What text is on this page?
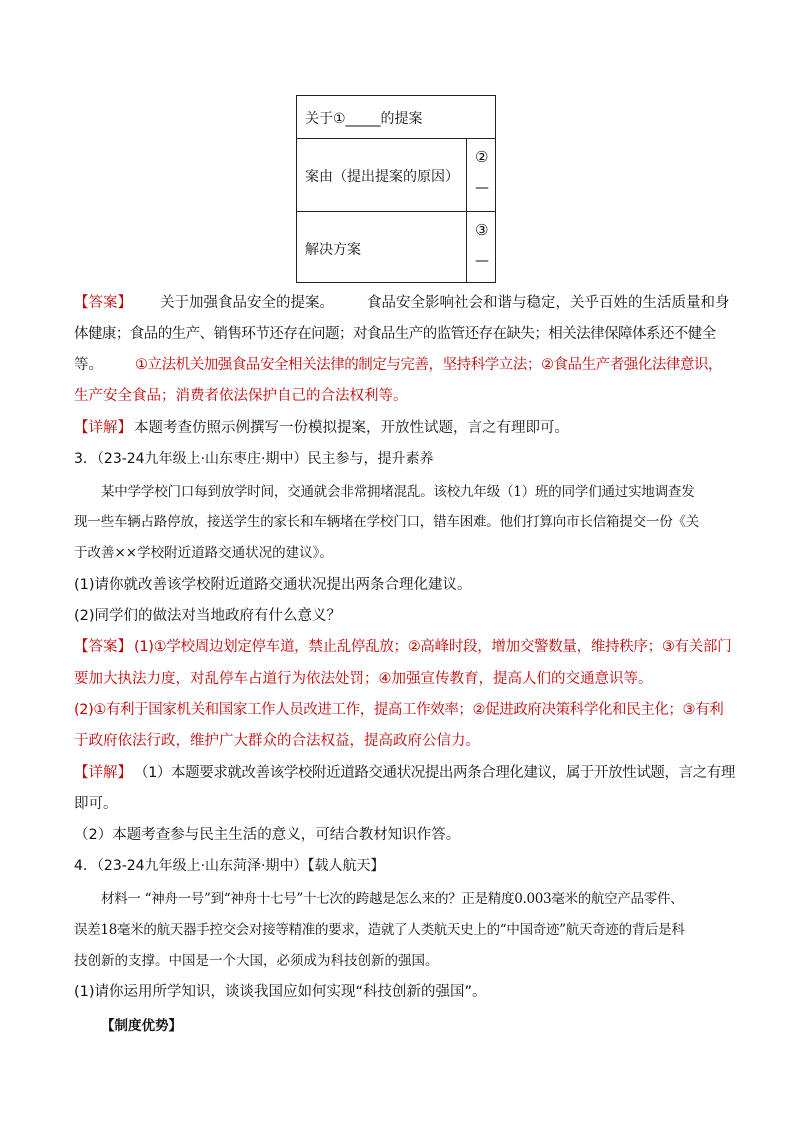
关于①_____的提案
案由（提出提案的原因）
②
—
解决方案
③
—
【答案】 关于加强食品安全的提案。 食品安全影响社会和谐与稳定，关乎百姓的生活质量和身
体健康；食品的生产、销售环节还存在问题；对食品生产的监管还存在缺失；相关法律保障体系还不健全
等。 ①立法机关加强食品安全相关法律的制定与完善，坚持科学立法；②食品生产者强化法律意识，
生产安全食品；消费者依法保护自己的合法权利等。
【详解】 本题考查仿照示例撰写一份模拟提案，开放性试题，言之有理即可。
3．（23-24九年级上·山东枣庄·期中）民主参与，提升素养
某中学学校门口每到放学时间，交通就会非常拥堵混乱。该校九年级（1）班的同学们通过实地调查发
现一些车辆占路停放，接送学生的家长和车辆堵在学校门口，错车困难。他们打算向市长信箱提交一份《关
于改善××学校附近道路交通状况的建议》。
(1)请你就改善该学校附近道路交通状况提出两条合理化建议。
(2)同学们的做法对当地政府有什么意义？
【答案】 (1)①学校周边划定停车道，禁止乱停乱放；②高峰时段，增加交警数量，维持秩序；③有关部门
要加大执法力度，对乱停车占道行为依法处罚；④加强宣传教育，提高人们的交通意识等。
(2)①有利于国家机关和国家工作人员改进工作，提高工作效率；②促进政府决策科学化和民主化；③有利
于政府依法行政，维护广大群众的合法权益，提高政府公信力。
【详解】 （1）本题要求就改善该学校附近道路交通状况提出两条合理化建议，属于开放性试题，言之有理
即可。
（2）本题考查参与民主生活的意义，可结合教材知识作答。
4．（23-24九年级上·山东菏泽·期中）【载人航天】
材料一 “神舟一号”到“神舟十七号”十七次的跨越是怎么来的？正是精度0.003毫米的航空产品零件、
误差18毫米的航天器手控交会对接等精准的要求，造就了人类航天史上的“中国奇迹”航天奇迹的背后是科
技创新的支撑。中国是一个大国，必须成为科技创新的强国。
(1)请你运用所学知识，谈谈我国应如何实现“科技创新的强国”。
【制度优势】
